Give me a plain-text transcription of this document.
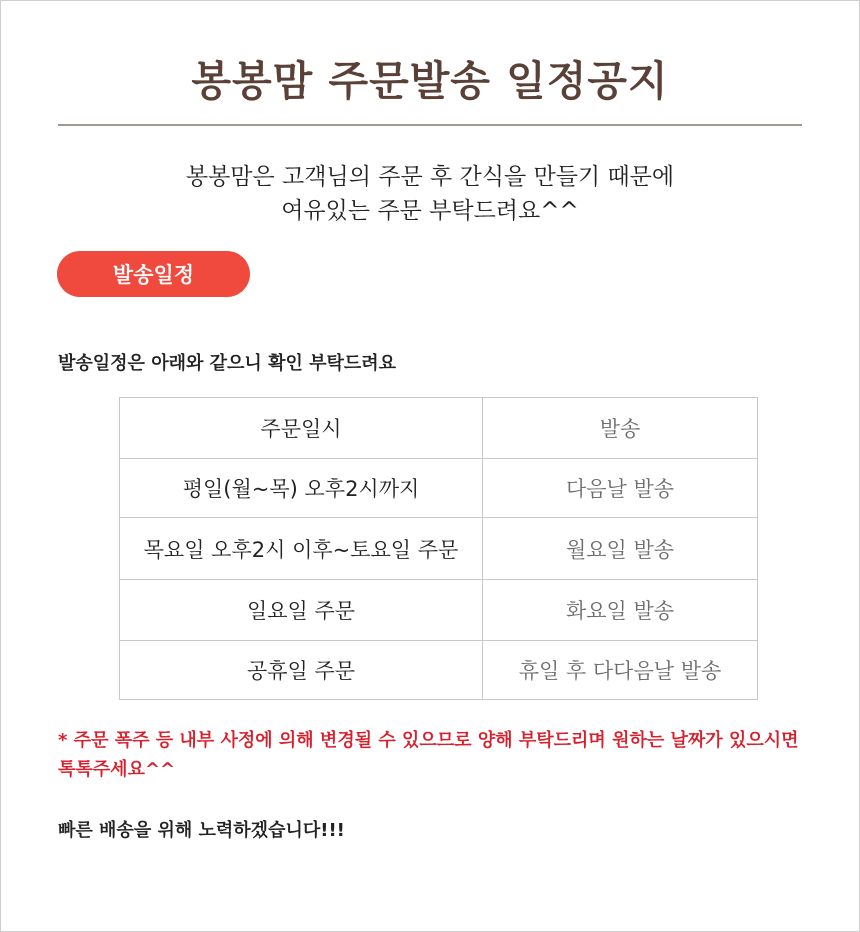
봉봉맘 주문발송 일정공지
봉봉맘은 고객님의 주문 후 간식을 만들기 때문에
여유있는 주문 부탁드려요^^
발송일정
발송일정은 아래와 같으니 확인 부탁드려요
주문일시	발송
평일(월~목) 오후2시까지	다음날 발송
목요일 오후2시 이후~토요일 주문	월요일 발송
일요일 주문	화요일 발송
공휴일 주문	휴일 후 다다음날 발송
* 주문 폭주 등 내부 사정에 의해 변경될 수 있으므로 양해 부탁드리며 원하는 날짜가 있으시면
톡톡주세요^^
빠른 배송을 위해 노력하겠습니다!!!
